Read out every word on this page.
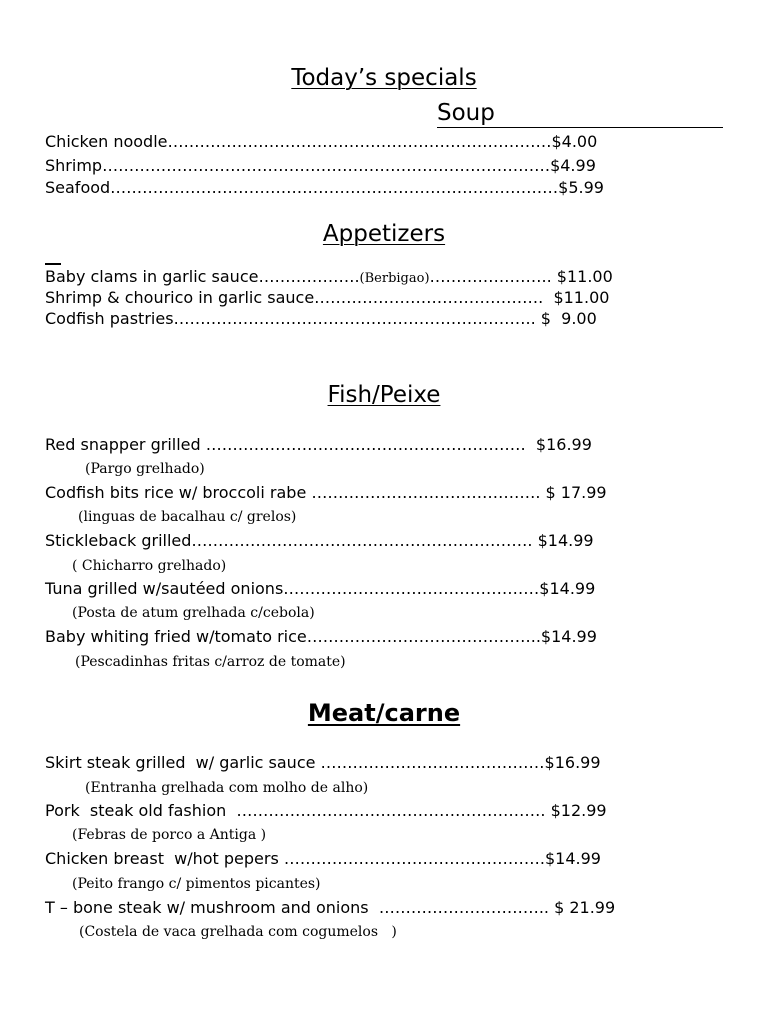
Today’s specials
Soup

Chicken noodle………………………………………………………………$4.00

Shrimp…………………………………………………………………………$4.99

Seafood…………………………………………………………………………$5.99

Appetizers

Baby clams in garlic sauce……………….(Berbigao)………………….. $11.00

Shrimp & chourico in garlic sauce…………………………………….  $11.00

Codfish pastries………………………………………………………….. $  9.00

Fish/Peixe

Red snapper grilled ……………………………………………………  $16.99

(Pargo grelhado)

Codfish bits rice w/ broccoli rabe ……………………………………. $ 17.99

(linguas de bacalhau c/ grelos)

Stickleback grilled………………………………………………………. $14.99

( Chicharro grelhado)

Tuna grilled w/sautéed onions…………………………………………$14.99

(Posta de atum grelhada c/cebola)

Baby whiting fried w/tomato rice……………………………………..$14.99

(Pescadinhas fritas c/arroz de tomate)

Meat/carne

Skirt steak grilled  w/ garlic sauce ……………………………………$16.99

(Entranha grelhada com molho de alho)

Pork  steak old fashion  …………………………………………………. $12.99

(Febras de porco a Antiga )

Chicken breast  w/hot pepers ………………………………………….$14.99

(Peito frango c/ pimentos picantes)

T – bone steak w/ mushroom and onions  ………………………….. $ 21.99

(Costela de vaca grelhada com cogumelos   )
